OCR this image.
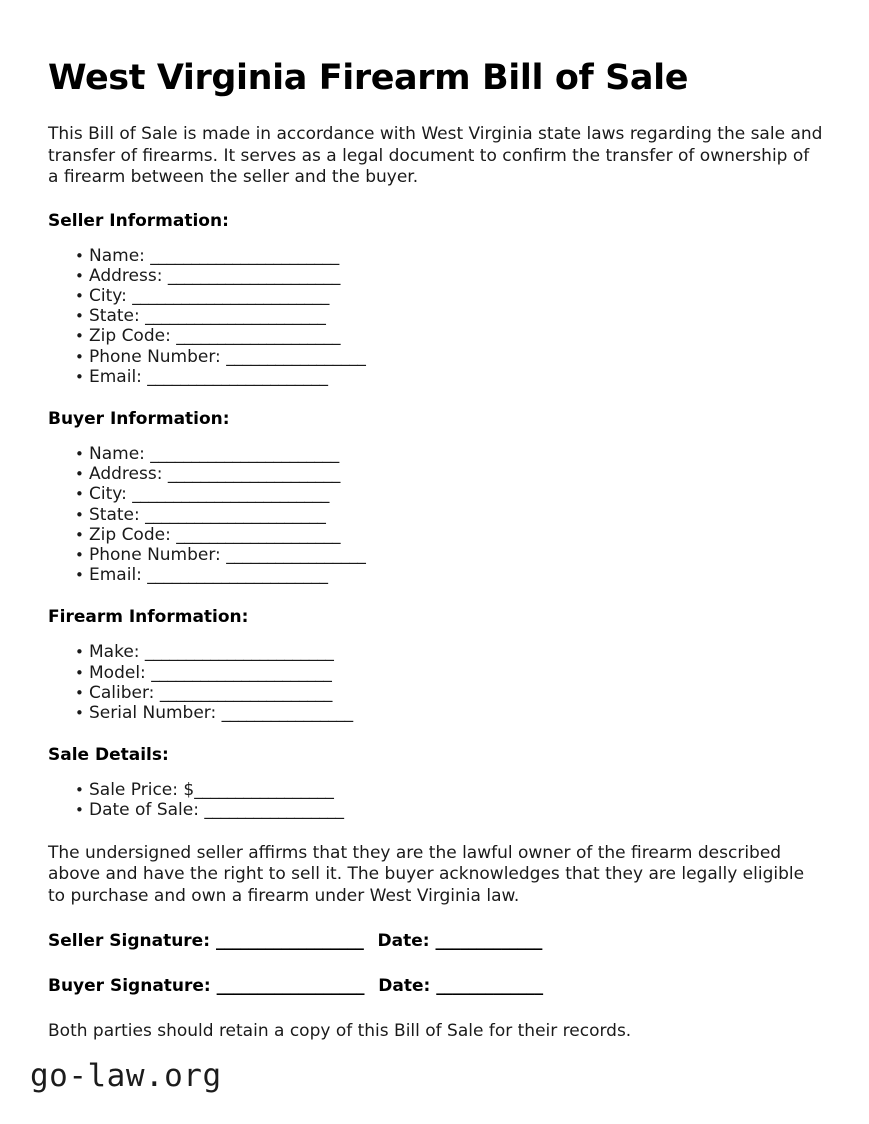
West Virginia Firearm Bill of Sale

This Bill of Sale is made in accordance with West Virginia state laws regarding the sale and transfer of firearms. It serves as a legal document to confirm the transfer of ownership of a firearm between the seller and the buyer.

Seller Information:
• Name: _______________________
• Address: _____________________
• City: ________________________
• State: ______________________
• Zip Code: ____________________
• Phone Number: _________________
• Email: ______________________
Buyer Information:
• Name: _______________________
• Address: _____________________
• City: ________________________
• State: ______________________
• Zip Code: ____________________
• Phone Number: _________________
• Email: ______________________
Firearm Information:
• Make: _______________________
• Model: ______________________
• Caliber: _____________________
• Serial Number: ________________
Sale Details:
• Sale Price: $_________________
• Date of Sale: _________________

The undersigned seller affirms that they are the lawful owner of the firearm described above and have the right to sell it. The buyer acknowledges that they are legally eligible to purchase and own a firearm under West Virginia law.

Seller Signature: __________________ Date: _____________
Buyer Signature: __________________ Date: _____________

Both parties should retain a copy of this Bill of Sale for their records.

go-law.org
